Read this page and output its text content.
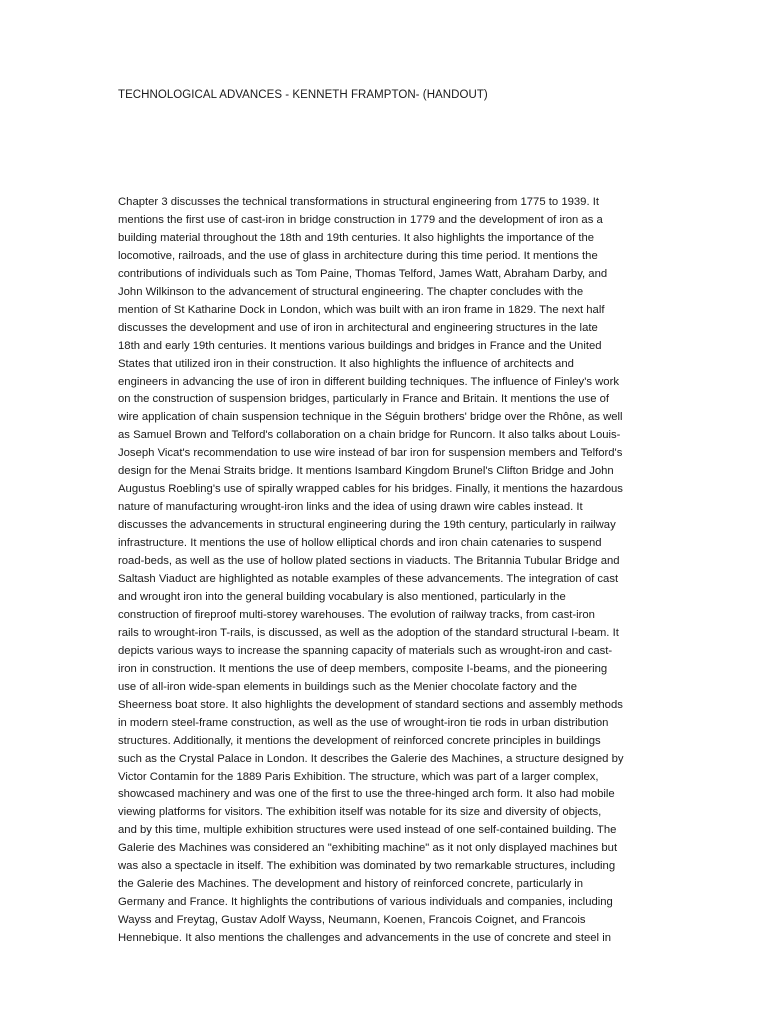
TECHNOLOGICAL ADVANCES - KENNETH FRAMPTON- (HANDOUT)
Chapter 3 discusses the technical transformations in structural engineering from 1775 to 1939. It
mentions the first use of cast-iron in bridge construction in 1779 and the development of iron as a
building material throughout the 18th and 19th centuries. It also highlights the importance of the
locomotive, railroads, and the use of glass in architecture during this time period. It mentions the
contributions of individuals such as Tom Paine, Thomas Telford, James Watt, Abraham Darby, and
John Wilkinson to the advancement of structural engineering. The chapter concludes with the
mention of St Katharine Dock in London, which was built with an iron frame in 1829. The next half
discusses the development and use of iron in architectural and engineering structures in the late
18th and early 19th centuries. It mentions various buildings and bridges in France and the United
States that utilized iron in their construction. It also highlights the influence of architects and
engineers in advancing the use of iron in different building techniques. The influence of Finley's work
on the construction of suspension bridges, particularly in France and Britain. It mentions the use of
wire application of chain suspension technique in the Séguin brothers' bridge over the Rhône, as well
as Samuel Brown and Telford's collaboration on a chain bridge for Runcorn. It also talks about Louis-
Joseph Vicat's recommendation to use wire instead of bar iron for suspension members and Telford's
design for the Menai Straits bridge. It mentions Isambard Kingdom Brunel's Clifton Bridge and John
Augustus Roebling's use of spirally wrapped cables for his bridges. Finally, it mentions the hazardous
nature of manufacturing wrought-iron links and the idea of using drawn wire cables instead. It
discusses the advancements in structural engineering during the 19th century, particularly in railway
infrastructure. It mentions the use of hollow elliptical chords and iron chain catenaries to suspend
road-beds, as well as the use of hollow plated sections in viaducts. The Britannia Tubular Bridge and
Saltash Viaduct are highlighted as notable examples of these advancements. The integration of cast
and wrought iron into the general building vocabulary is also mentioned, particularly in the
construction of fireproof multi-storey warehouses. The evolution of railway tracks, from cast-iron
rails to wrought-iron T-rails, is discussed, as well as the adoption of the standard structural I-beam. It
depicts various ways to increase the spanning capacity of materials such as wrought-iron and cast-
iron in construction. It mentions the use of deep members, composite I-beams, and the pioneering
use of all-iron wide-span elements in buildings such as the Menier chocolate factory and the
Sheerness boat store. It also highlights the development of standard sections and assembly methods
in modern steel-frame construction, as well as the use of wrought-iron tie rods in urban distribution
structures. Additionally, it mentions the development of reinforced concrete principles in buildings
such as the Crystal Palace in London. It describes the Galerie des Machines, a structure designed by
Victor Contamin for the 1889 Paris Exhibition. The structure, which was part of a larger complex,
showcased machinery and was one of the first to use the three-hinged arch form. It also had mobile
viewing platforms for visitors. The exhibition itself was notable for its size and diversity of objects,
and by this time, multiple exhibition structures were used instead of one self-contained building. The
Galerie des Machines was considered an "exhibiting machine" as it not only displayed machines but
was also a spectacle in itself. The exhibition was dominated by two remarkable structures, including
the Galerie des Machines. The development and history of reinforced concrete, particularly in
Germany and France. It highlights the contributions of various individuals and companies, including
Wayss and Freytag, Gustav Adolf Wayss, Neumann, Koenen, Francois Coignet, and Francois
Hennebique. It also mentions the challenges and advancements in the use of concrete and steel in
